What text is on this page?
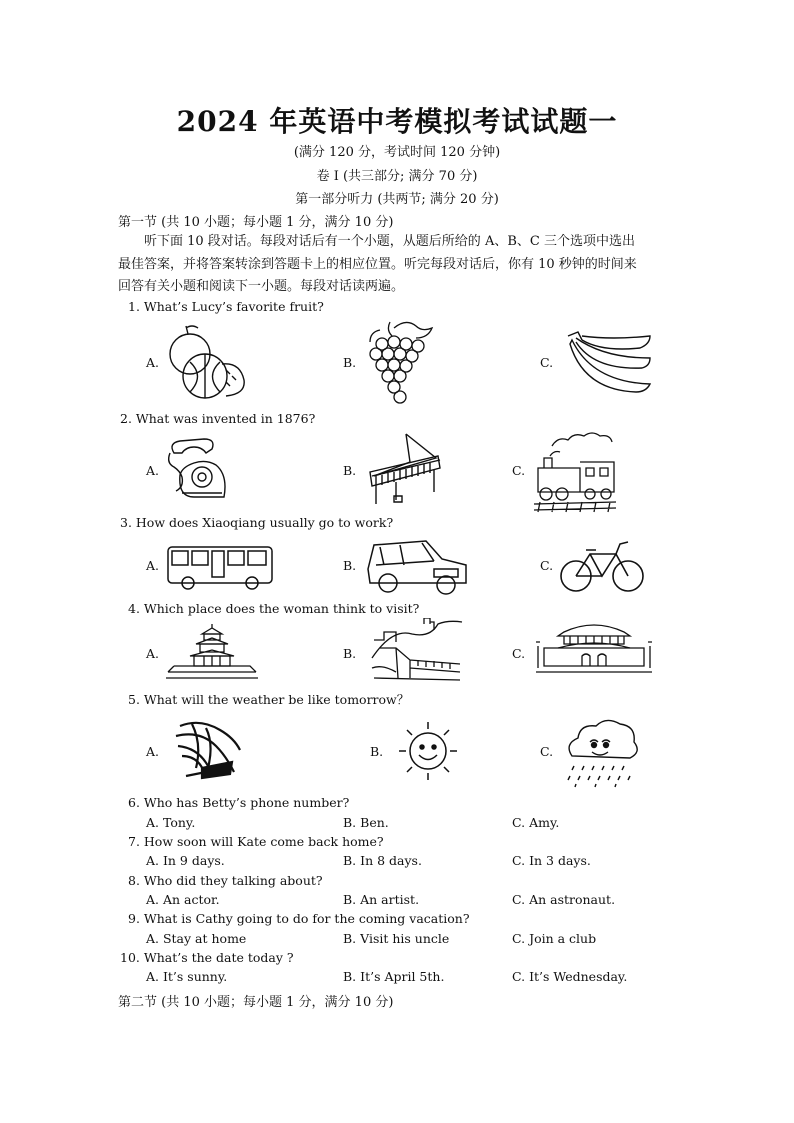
2024 年英语中考模拟考试试题一
(满分 120 分，考试时间 120 分钟)
卷 I (共三部分; 满分 70 分)
第一部分听力 (共两节; 满分 20 分)
第一节 (共 10 小题；每小题 1 分，满分 10 分)

听下面 10 段对话。每段对话后有一个小题，从题后所给的 A、B、C 三个选项中选出

最佳答案，并将答案转涂到答题卡上的相应位置。听完每段对话后，你有 10 秒钟的时间来

回答有关小题和阅读下一小题。每段对话读两遍。

1. What’s Lucy’s favorite fruit?
A.	B.	C.
2. What was invented in 1876?
A.	B.	C.
3. How does Xiaoqiang usually go to work?
A.	B.	C.
4. Which place does the woman think to visit?
A.	B.	C.
5. What will the weather be like tomorrow？
A.	B.	C.
6. Who has Betty’s phone number?
A. Tony.	B. Ben.	C. Amy.
7. How soon will Kate come back home?
A. In 9 days.	B. In 8 days.	C. In 3 days.
8. Who did they talking about?
A. An actor.	B. An artist.	C. An astronaut.
9. What is Cathy going to do for the coming vacation?
A. Stay at home	B. Visit his uncle	C. Join a club
10. What’s the date today ?
A. It’s sunny.	B. It’s April 5th.	C. It’s Wednesday.
第二节 (共 10 小题；每小题 1 分，满分 10 分)
